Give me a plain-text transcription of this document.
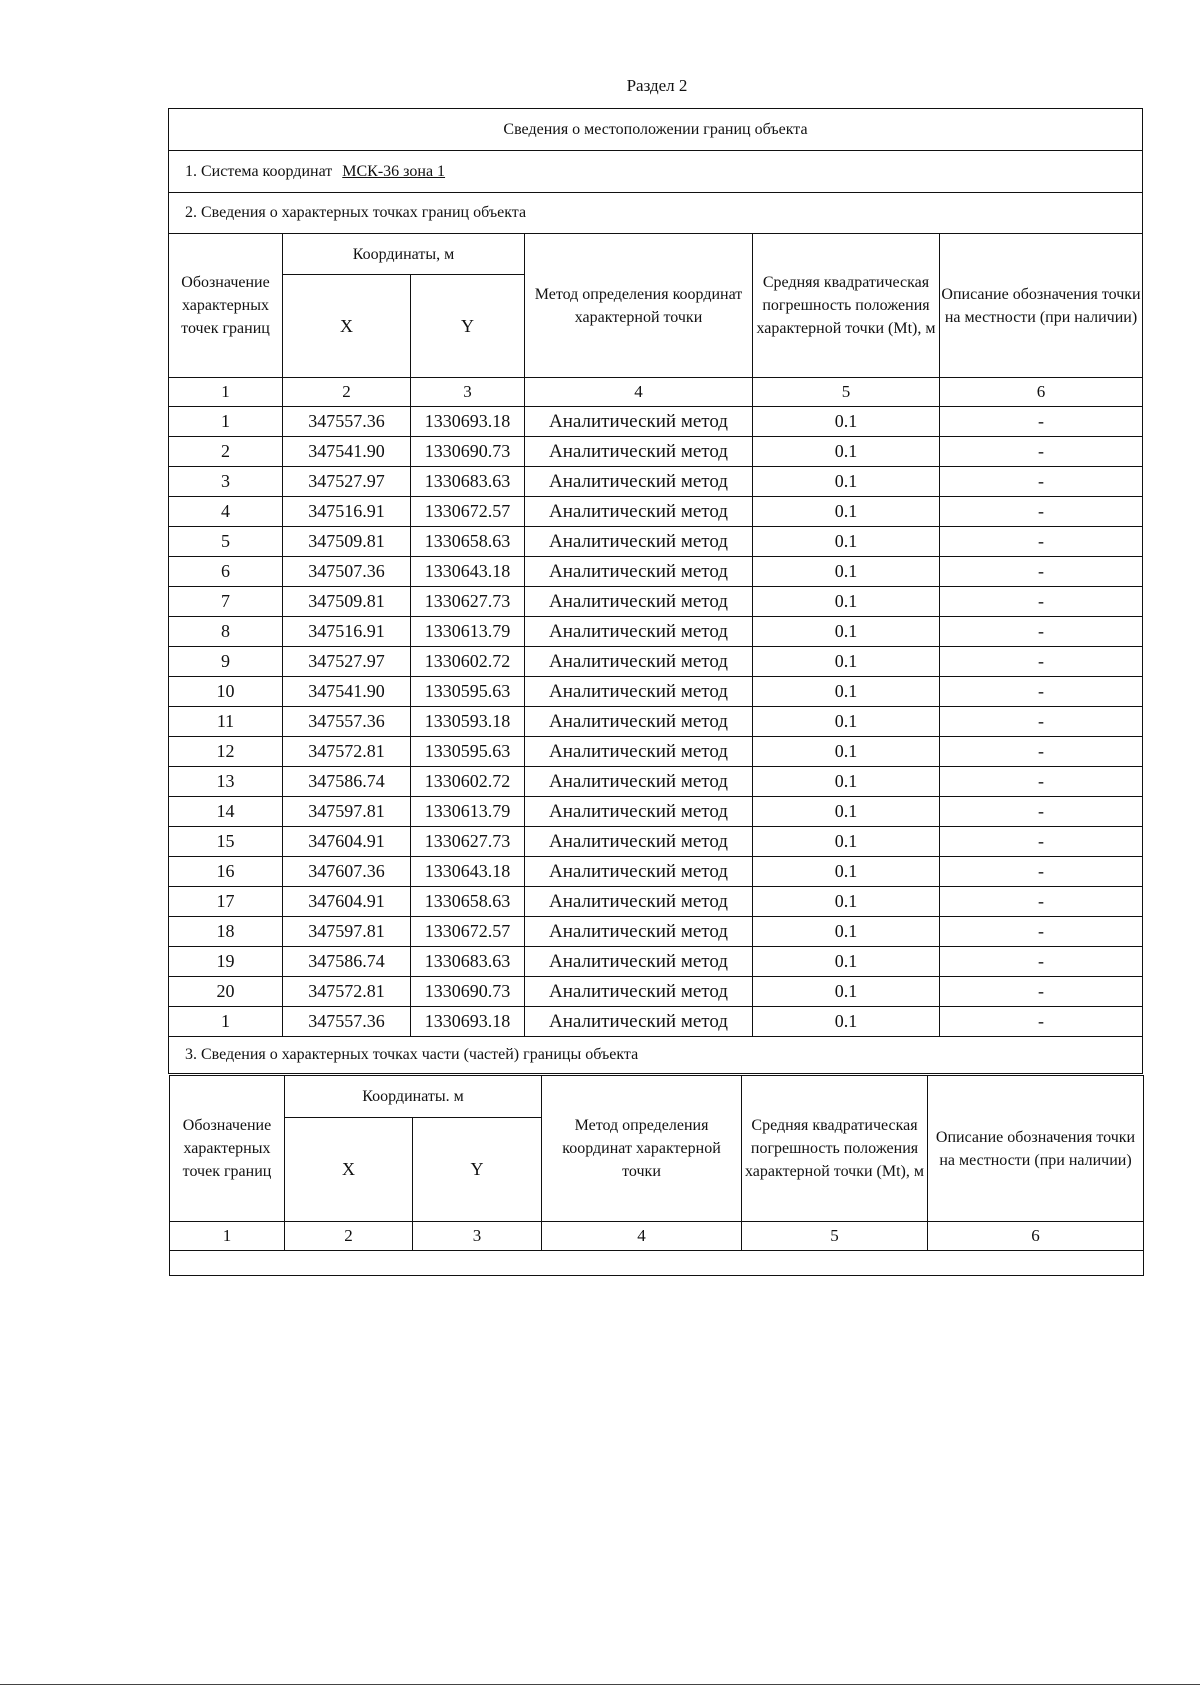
Раздел 2
Сведения о местоположении границ объекта					
1. Система координат МСК-36 зона 1					
2. Сведения о характерных точках границ объекта					
Обозначение характерных точек границ	Координаты, м		Метод определения координат характерной точки	Средняя квадратическая погрешность положения характерной точки (Mt), м	Описание обозначения точки на местности (при наличии)
	X	Y			
1	2	3	4	5	6
1	347557.36	1330693.18	Аналитический метод	0.1	-
2	347541.90	1330690.73	Аналитический метод	0.1	-
3	347527.97	1330683.63	Аналитический метод	0.1	-
4	347516.91	1330672.57	Аналитический метод	0.1	-
5	347509.81	1330658.63	Аналитический метод	0.1	-
6	347507.36	1330643.18	Аналитический метод	0.1	-
7	347509.81	1330627.73	Аналитический метод	0.1	-
8	347516.91	1330613.79	Аналитический метод	0.1	-
9	347527.97	1330602.72	Аналитический метод	0.1	-
10	347541.90	1330595.63	Аналитический метод	0.1	-
11	347557.36	1330593.18	Аналитический метод	0.1	-
12	347572.81	1330595.63	Аналитический метод	0.1	-
13	347586.74	1330602.72	Аналитический метод	0.1	-
14	347597.81	1330613.79	Аналитический метод	0.1	-
15	347604.91	1330627.73	Аналитический метод	0.1	-
16	347607.36	1330643.18	Аналитический метод	0.1	-
17	347604.91	1330658.63	Аналитический метод	0.1	-
18	347597.81	1330672.57	Аналитический метод	0.1	-
19	347586.74	1330683.63	Аналитический метод	0.1	-
20	347572.81	1330690.73	Аналитический метод	0.1	-
1	347557.36	1330693.18	Аналитический метод	0.1	-
3. Сведения о характерных точках части (частей) границы объекта					
Обозначение характерных точек границ	Координаты. м		Метод определения координат характерной точки	Средняя квадратическая погрешность положения характерной точки (Mt), м	Описание обозначения точки на местности (при наличии)
	X	Y			
1	2	3	4	5	6
